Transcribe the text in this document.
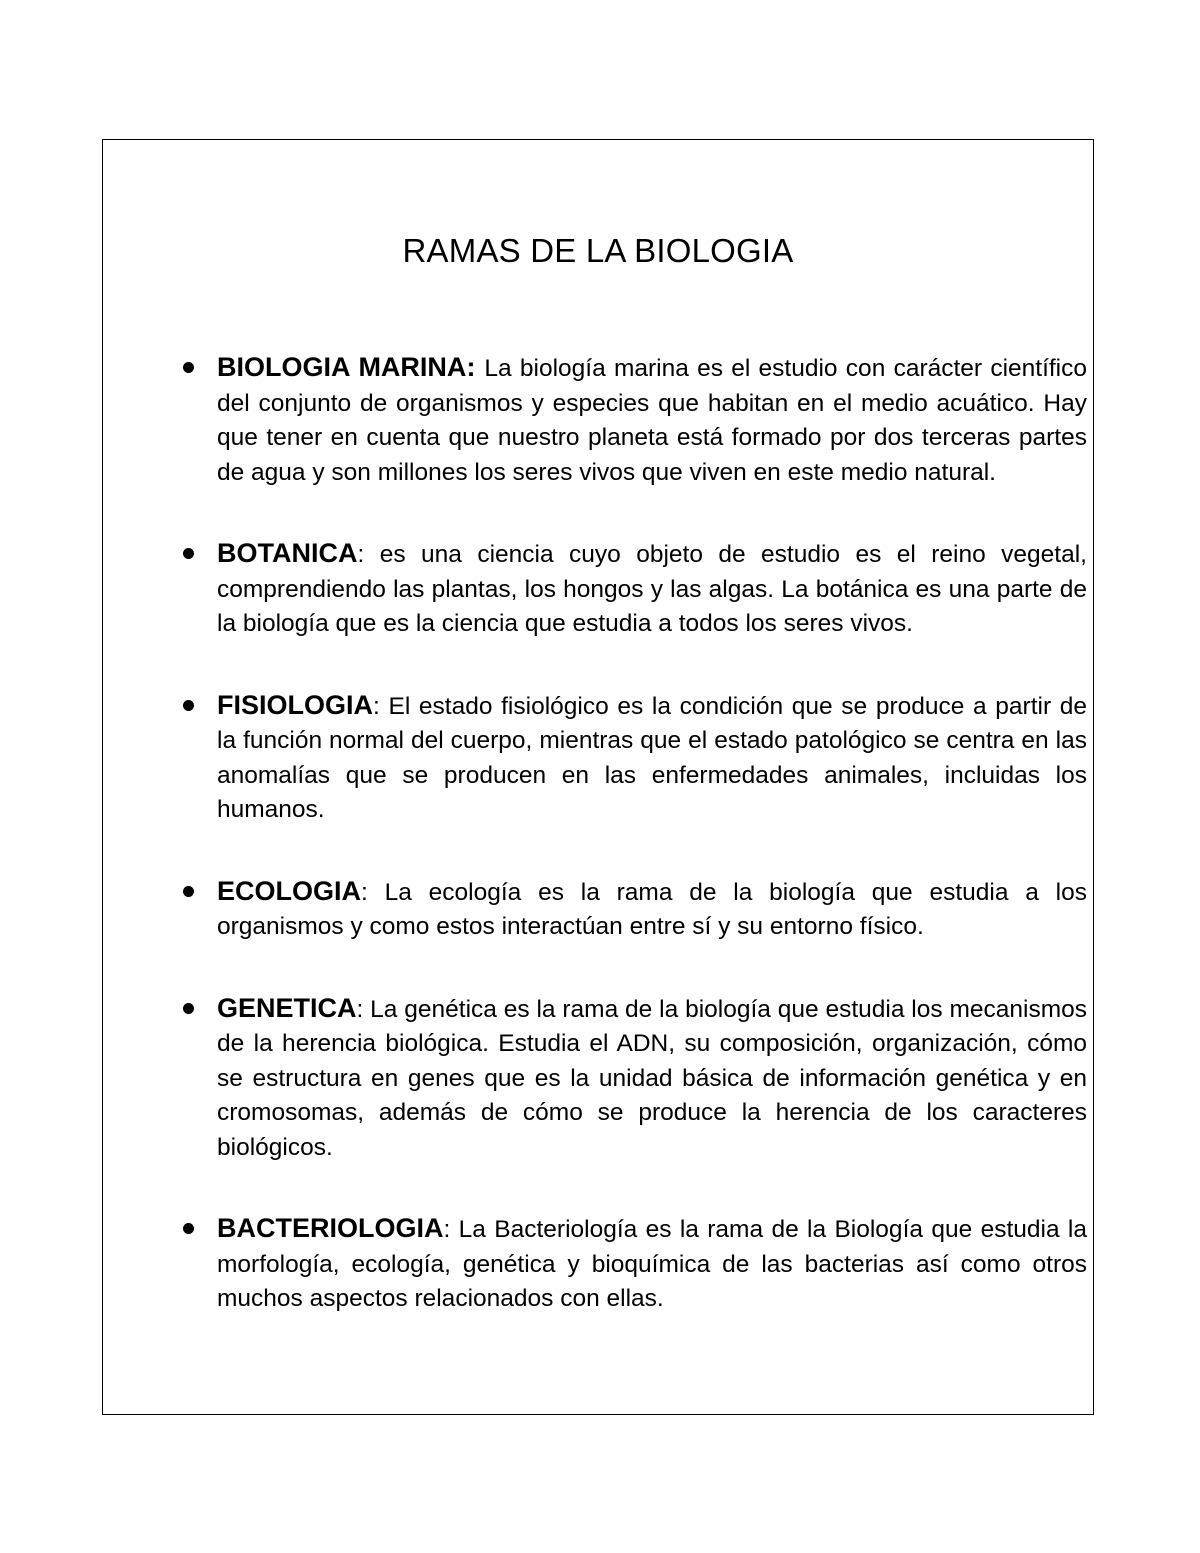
RAMAS DE LA BIOLOGIA
BIOLOGIA MARINA: La biología marina es el estudio con carácter científico del conjunto de organismos y especies que habitan en el medio acuático. Hay que tener en cuenta que nuestro planeta está formado por dos terceras partes de agua y son millones los seres vivos que viven en este medio natural.
BOTANICA: es una ciencia cuyo objeto de estudio es el reino vegetal, comprendiendo las plantas, los hongos y las algas. La botánica es una parte de la biología que es la ciencia que estudia a todos los seres vivos.
FISIOLOGIA: El estado fisiológico es la condición que se produce a partir de la función normal del cuerpo, mientras que el estado patológico se centra en las anomalías que se producen en las enfermedades animales, incluidas los humanos.
ECOLOGIA: La ecología es la rama de la biología que estudia a los organismos y como estos interactúan entre sí y su entorno físico.
GENETICA: La genética es la rama de la biología que estudia los mecanismos de la herencia biológica. Estudia el ADN, su composición, organización, cómo se estructura en genes que es la unidad básica de información genética y en cromosomas, además de cómo se produce la herencia de los caracteres biológicos.
BACTERIOLOGIA: La Bacteriología es la rama de la Biología que estudia la morfología, ecología, genética y bioquímica de las bacterias así como otros muchos aspectos relacionados con ellas.
